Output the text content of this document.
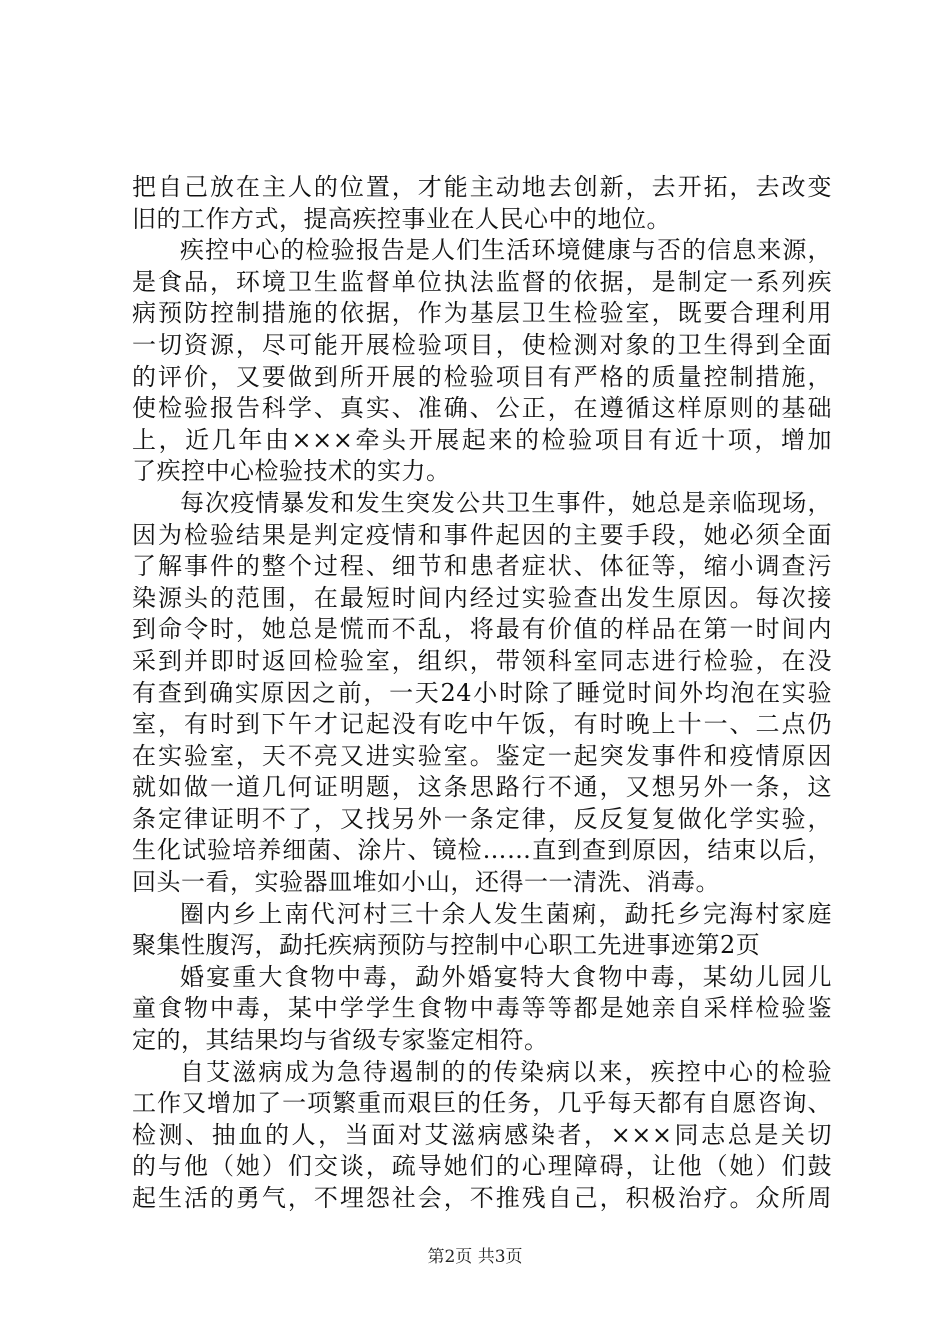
把自己放在主人的位置，才能主动地去创新，去开拓，去改变
旧的工作方式，提高疾控事业在人民心中的地位。
疾控中心的检验报告是人们生活环境健康与否的信息来源，
是食品，环境卫生监督单位执法监督的依据，是制定一系列疾
病预防控制措施的依据，作为基层卫生检验室，既要合理利用
一切资源，尽可能开展检验项目，使检测对象的卫生得到全面
的评价，又要做到所开展的检验项目有严格的质量控制措施，
使检验报告科学、真实、准确、公正，在遵循这样原则的基础
上，近几年由×××牵头开展起来的检验项目有近十项，增加
了疾控中心检验技术的实力。
每次疫情暴发和发生突发公共卫生事件，她总是亲临现场，
因为检验结果是判定疫情和事件起因的主要手段，她必须全面
了解事件的整个过程、细节和患者症状、体征等，缩小调查污
染源头的范围，在最短时间内经过实验查出发生原因。每次接
到命令时，她总是慌而不乱，将最有价值的样品在第一时间内
采到并即时返回检验室，组织，带领科室同志进行检验，在没
有查到确实原因之前，一天24小时除了睡觉时间外均泡在实验
室，有时到下午才记起没有吃中午饭，有时晚上十一、二点仍
在实验室，天不亮又进实验室。鉴定一起突发事件和疫情原因
就如做一道几何证明题，这条思路行不通，又想另外一条，这
条定律证明不了，又找另外一条定律，反反复复做化学实验，
生化试验培养细菌、涂片、镜检……直到查到原因，结束以后，
回头一看，实验器皿堆如小山，还得一一清洗、消毒。
圈内乡上南代河村三十余人发生菌痢，勐托乡完海村家庭
聚集性腹泻，勐托疾病预防与控制中心职工先进事迹第2页
婚宴重大食物中毒，勐外婚宴特大食物中毒，某幼儿园儿
童食物中毒，某中学学生食物中毒等等都是她亲自采样检验鉴
定的，其结果均与省级专家鉴定相符。
自艾滋病成为急待遏制的的传染病以来，疾控中心的检验
工作又增加了一项繁重而艰巨的任务，几乎每天都有自愿咨询、
检测、抽血的人，当面对艾滋病感染者，×××同志总是关切
的与他（她）们交谈，疏导她们的心理障碍，让他（她）们鼓
起生活的勇气，不埋怨社会，不推残自己，积极治疗。众所周
第2页 共3页
